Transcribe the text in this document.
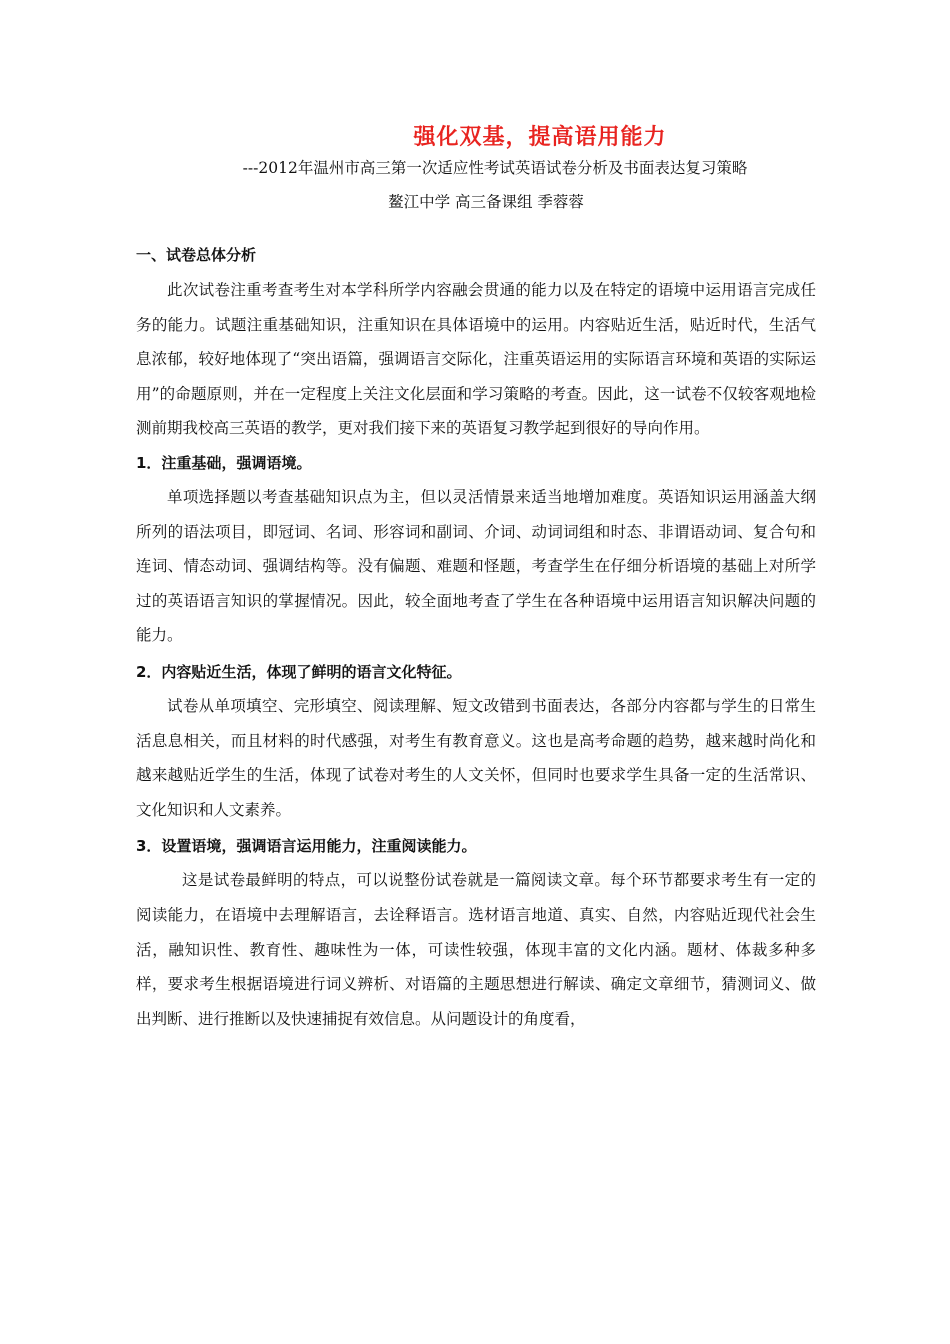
强化双基，提高语用能力
---2012年温州市高三第一次适应性考试英语试卷分析及书面表达复习策略
鳌江中学 高三备课组 季蓉蓉

一、试卷总体分析

此次试卷注重考查考生对本学科所学内容融会贯通的能力以及在特定的语境中运用语言完成任务的能力。试题注重基础知识，注重知识在具体语境中的运用。内容贴近生活，贴近时代，生活气息浓郁，较好地体现了“突出语篇，强调语言交际化，注重英语运用的实际语言环境和英语的实际运用”的命题原则，并在一定程度上关注文化层面和学习策略的考查。因此，这一试卷不仅较客观地检测前期我校高三英语的教学，更对我们接下来的英语复习教学起到很好的导向作用。

1．注重基础，强调语境。

单项选择题以考查基础知识点为主，但以灵活情景来适当地增加难度。英语知识运用涵盖大纲所列的语法项目，即冠词、名词、形容词和副词、介词、动词词组和时态、非谓语动词、复合句和连词、情态动词、强调结构等。没有偏题、难题和怪题，考查学生在仔细分析语境的基础上对所学过的英语语言知识的掌握情况。因此，较全面地考查了学生在各种语境中运用语言知识解决问题的能力。

2．内容贴近生活，体现了鲜明的语言文化特征。

试卷从单项填空、完形填空、阅读理解、短文改错到书面表达，各部分内容都与学生的日常生活息息相关，而且材料的时代感强，对考生有教育意义。这也是高考命题的趋势，越来越时尚化和越来越贴近学生的生活，体现了试卷对考生的人文关怀，但同时也要求学生具备一定的生活常识、文化知识和人文素养。

3．设置语境，强调语言运用能力，注重阅读能力。

这是试卷最鲜明的特点，可以说整份试卷就是一篇阅读文章。每个环节都要求考生有一定的阅读能力，在语境中去理解语言，去诠释语言。选材语言地道、真实、自然，内容贴近现代社会生活，融知识性、教育性、趣味性为一体，可读性较强，体现丰富的文化内涵。题材、体裁多种多样，要求考生根据语境进行词义辨析、对语篇的主题思想进行解读、确定文章细节，猜测词义、做出判断、进行推断以及快速捕捉有效信息。从问题设计的角度看，
